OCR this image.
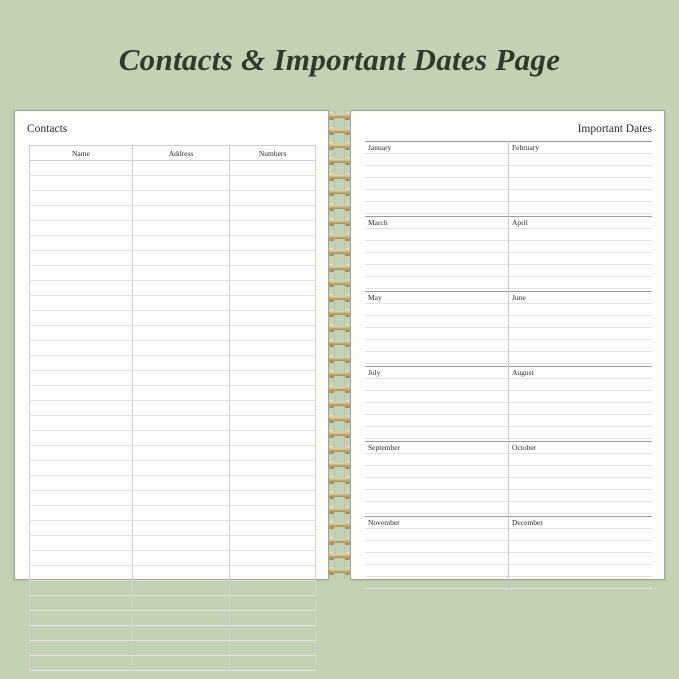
Contacts & Important Dates Page
Contacts
Name	Address	Numbers

Important Dates
January	February

March	April

May	June

July	August

September	October

November	December
